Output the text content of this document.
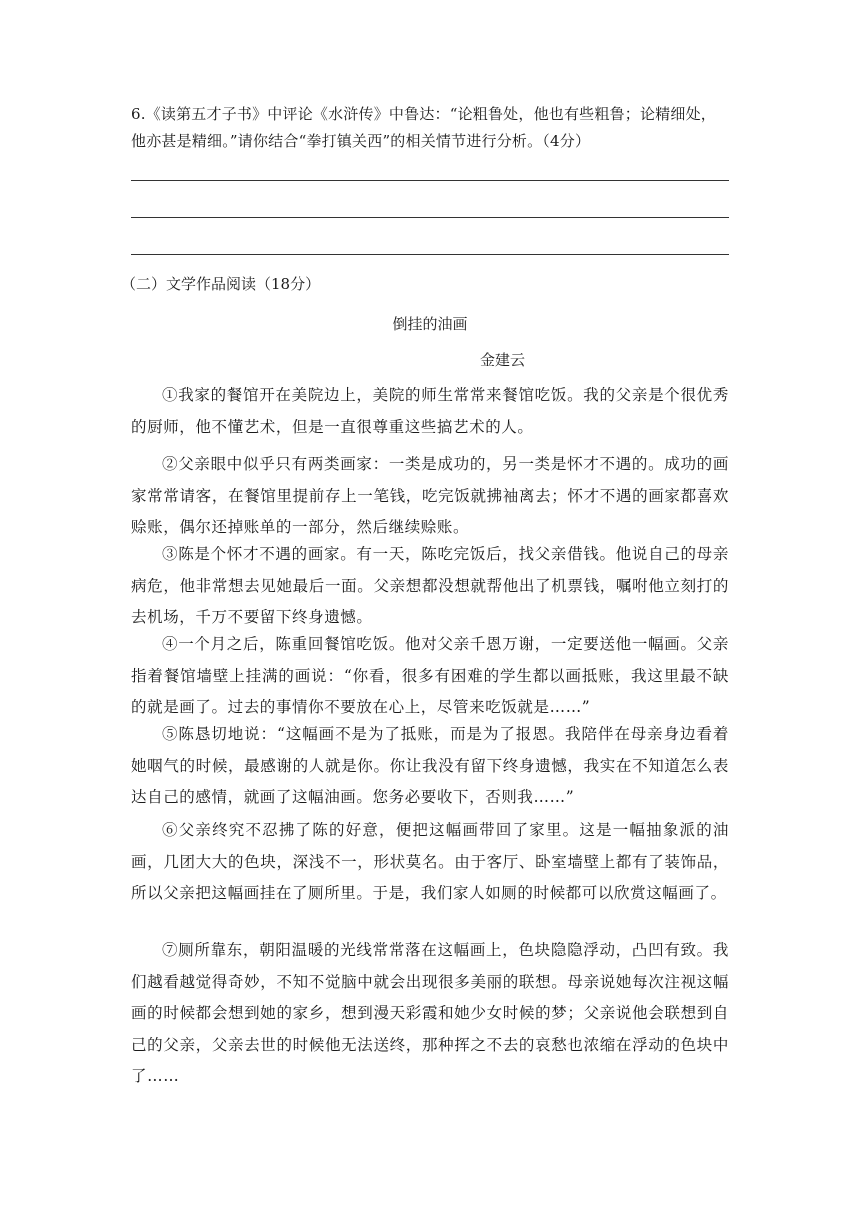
6.《读第五才子书》中评论《水浒传》中鲁达：“论粗鲁处，他也有些粗鲁；论精细处，他亦甚是精细。”请你结合“拳打镇关西”的相关情节进行分析。（4分）

（二）文学作品阅读（18分）

倒挂的油画

金建云

①我家的餐馆开在美院边上，美院的师生常常来餐馆吃饭。我的父亲是个很优秀的厨师，他不懂艺术，但是一直很尊重这些搞艺术的人。

②父亲眼中似乎只有两类画家：一类是成功的，另一类是怀才不遇的。成功的画家常常请客，在餐馆里提前存上一笔钱，吃完饭就拂袖离去；怀才不遇的画家都喜欢赊账，偶尔还掉账单的一部分，然后继续赊账。

③陈是个怀才不遇的画家。有一天，陈吃完饭后，找父亲借钱。他说自己的母亲病危，他非常想去见她最后一面。父亲想都没想就帮他出了机票钱，嘱咐他立刻打的去机场，千万不要留下终身遗憾。

④一个月之后，陈重回餐馆吃饭。他对父亲千恩万谢，一定要送他一幅画。父亲指着餐馆墙壁上挂满的画说：“你看，很多有困难的学生都以画抵账，我这里最不缺的就是画了。过去的事情你不要放在心上，尽管来吃饭就是……”

⑤陈恳切地说：“这幅画不是为了抵账，而是为了报恩。我陪伴在母亲身边看着她咽气的时候，最感谢的人就是你。你让我没有留下终身遗憾，我实在不知道怎么表达自己的感情，就画了这幅油画。您务必要收下，否则我……”

⑥父亲终究不忍拂了陈的好意，便把这幅画带回了家里。这是一幅抽象派的油画，几团大大的色块，深浅不一，形状莫名。由于客厅、卧室墙壁上都有了装饰品，所以父亲把这幅画挂在了厕所里。于是，我们家人如厕的时候都可以欣赏这幅画了。

⑦厕所靠东，朝阳温暖的光线常常落在这幅画上，色块隐隐浮动，凸凹有致。我们越看越觉得奇妙，不知不觉脑中就会出现很多美丽的联想。母亲说她每次注视这幅画的时候都会想到她的家乡，想到漫天彩霞和她少女时候的梦；父亲说他会联想到自己的父亲，父亲去世的时候他无法送终，那种挥之不去的哀愁也浓缩在浮动的色块中了……
